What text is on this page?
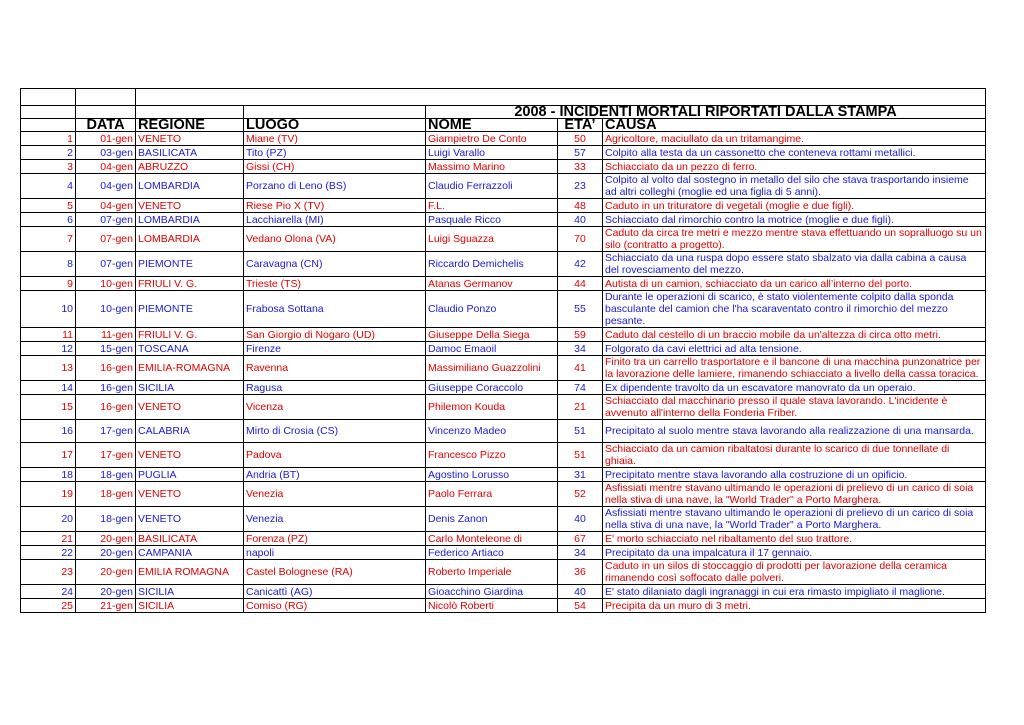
				2008 - INCIDENTI MORTALI RIPORTATI DALLA STAMPA		
	DATA	REGIONE	LUOGO	NOME	ETA’	CAUSA
1	01-gen	VENETO	Miane (TV)	Giampietro De Conto	50	Agricoltore, maciullato da un tritamangime.
2	03-gen	BASILICATA	Tito (PZ)	Luigi Varallo	57	Colpito alla testa da un cassonetto che conteneva rottami metallici.
3	04-gen	ABRUZZO	Gissi (CH)	Massimo Marino	33	Schiacciato da un pezzo di ferro.
4	04-gen	LOMBARDIA	Porzano di Leno (BS)	Claudio Ferrazzoli	23	Colpito al volto dal sostegno in metallo del silo che stava trasportando insieme ad altri colleghi (moglie ed una figlia di 5 anni).
5	04-gen	VENETO	Riese Pio X (TV)	F.L.	48	Caduto in un trituratore di vegetali (moglie e due figli).
6	07-gen	LOMBARDIA	Lacchiarella (MI)	Pasquale Ricco	40	Schiacciato dal rimorchio contro la motrice (moglie e due figli).
7	07-gen	LOMBARDIA	Vedano Olona (VA)	Luigi Sguazza	70	Caduto da circa tre metri e mezzo mentre stava effettuando un sopralluogo su un silo (contratto a progetto).
8	07-gen	PIEMONTE	Caravagna (CN)	Riccardo Demichelis	42	Schiacciato da una ruspa dopo essere stato sbalzato via dalla cabina a causa del rovesciamento del mezzo.
9	10-gen	FRIULI V. G.	Trieste (TS)	Atanas Germanov	44	Autista di un camion, schiacciato da un carico all’interno del porto.
10	10-gen	PIEMONTE	Frabosa Sottana	Claudio Ponzo	55	Durante le operazioni di scarico, è stato violentemente colpito dalla sponda basculante del camion che l'ha scaraventato contro il rimorchio del mezzo pesante.
11	11-gen	FRIULI V. G.	San Giorgio di Nogaro (UD)	Giuseppe Della Siega	59	Caduto dal cestello di un braccio mobile da un'altezza di circa otto metri.
12	15-gen	TOSCANA	Firenze	Damoc Emaoil	34	Folgorato da cavi elettrici ad alta tensione.
13	16-gen	EMILIA-ROMAGNA	Ravenna	Massimiliano Guazzolini	41	Finito tra un carrello trasportatore e il bancone di una macchina punzonatrice per la lavorazione delle lamiere, rimanendo schiacciato a livello della cassa toracica.
14	16-gen	SICILIA	Ragusa	Giuseppe Coraccolo	74	Ex dipendente travolto da un escavatore manovrato da un operaio.
15	16-gen	VENETO	Vicenza	Philemon Kouda	21	Schiacciato dal macchinario presso il quale stava lavorando. L'incidente è avvenuto all'interno della Fonderia Friber.
16	17-gen	CALABRIA	Mirto di Crosia (CS)	Vincenzo Madeo	51	Precipitato al suolo mentre stava lavorando alla realizzazione di una mansarda.
17	17-gen	VENETO	Padova	Francesco Pizzo	51	Schiacciato da un camion ribaltatosi durante lo scarico di due tonnellate di ghiaia.
18	18-gen	PUGLIA	Andria (BT)	Agostino Lorusso	31	Precipitato mentre stava lavorando alla costruzione di un opificio.
19	18-gen	VENETO	Venezia	Paolo Ferrara	52	Asfissiati mentre stavano ultimando le operazioni di prelievo di un carico di soia nella stiva di una nave, la "World Trader" a Porto Marghera.
20	18-gen	VENETO	Venezia	Denis Zanon	40	Asfissiati mentre stavano ultimando le operazioni di prelievo di un carico di soia nella stiva di una nave, la "World Trader" a Porto Marghera.
21	20-gen	BASILICATA	Forenza (PZ)	Carlo Monteleone di	67	E' morto schiacciato nel ribaltamento del suo trattore.
22	20-gen	CAMPANIA	napoli	Federico Artiaco	34	Precipitato da una impalcatura il 17 gennaio.
23	20-gen	EMILIA ROMAGNA	Castel Bolognese (RA)	Roberto Imperiale	36	Caduto in un silos di stoccaggio di prodotti per lavorazione della ceramica rimanendo così soffocato dalle polveri.
24	20-gen	SICILIA	Canicattì (AG)	Gioacchino Giardina	40	E' stato dilaniato dagli ingranaggi in cui era rimasto impigliato il maglione.
25	21-gen	SICILIA	Comiso (RG)	Nicolò Roberti	54	Precipita da un muro di 3 metri.
